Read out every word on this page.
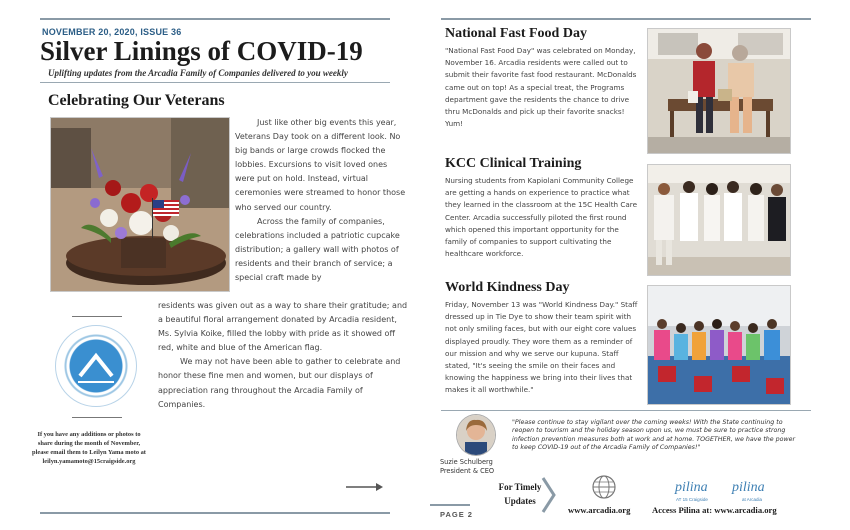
NOVEMBER 20, 2020, ISSUE 36
Silver Linings of COVID-19
Uplifting updates from the Arcadia Family of Companies delivered to you weekly
Celebrating Our Veterans
Just like other big events this year, Veterans Day took on a different look. No big bands or large crowds flocked the lobbies. Excursions to visit loved ones were put on hold. Instead, virtual ceremonies were streamed to honor those who served our country.
Across the family of companies, celebrations included a patriotic cupcake distribution; a gallery wall with photos of residents and their branch of service; a special craft made by
residents was given out as a way to share their gratitude; and a beautiful floral arrangement donated by Arcadia resident, Ms. Sylvia Koike, filled the lobby with pride as it showed off red, white and blue of the American flag.
We may not have been able to gather to celebrate and honor these fine men and women, but our displays of appreciation rang throughout the Arcadia Family of Companies.
If you have any additions or photos to share during the month of November, please email them to Leilyn Yama moto at leilyn.yamamoto@15craigside.org
National Fast Food Day
"National Fast Food Day" was celebrated on Monday, November 16. Arcadia residents were called out to submit their favorite fast food restaurant. McDonalds came out on top! As a special treat, the Programs department gave the residents the chance to drive thru McDonalds and pick up their favorite snacks! Yum!
KCC Clinical Training
Nursing students from Kapiolani Community College are getting a hands on experience to practice what they learned in the classroom at the 15C Health Care Center. Arcadia successfully piloted the first round which opened this important opportunity for the family of companies to support cultivating the healthcare workforce.
World Kindness Day
Friday, November 13 was "World Kindness Day." Staff dressed up in Tie Dye to show their team spirit with not only smiling faces, but with our eight core values displayed proudly. They wore them as a reminder of our mission and why we serve our kupuna. Staff stated, "It's seeing the smile on their faces and knowing the happiness we bring into their lives that makes it all worthwhile."
Suzie Schulberg
President & CEO
"Please continue to stay vigilant over the coming weeks! With the State continuing to reopen to tourism and the holiday season upon us, we must be sure to practice strong infection prevention measures both at work and at home. TOGETHER, we have the power to keep COVID-19 out of the Arcadia Family of Companies!"
PAGE 2
For Timely
Updates
www.arcadia.org
pilina
AT 15 Craigside
pilina
at Arcadia
Access Pilina at: www.arcadia.org
